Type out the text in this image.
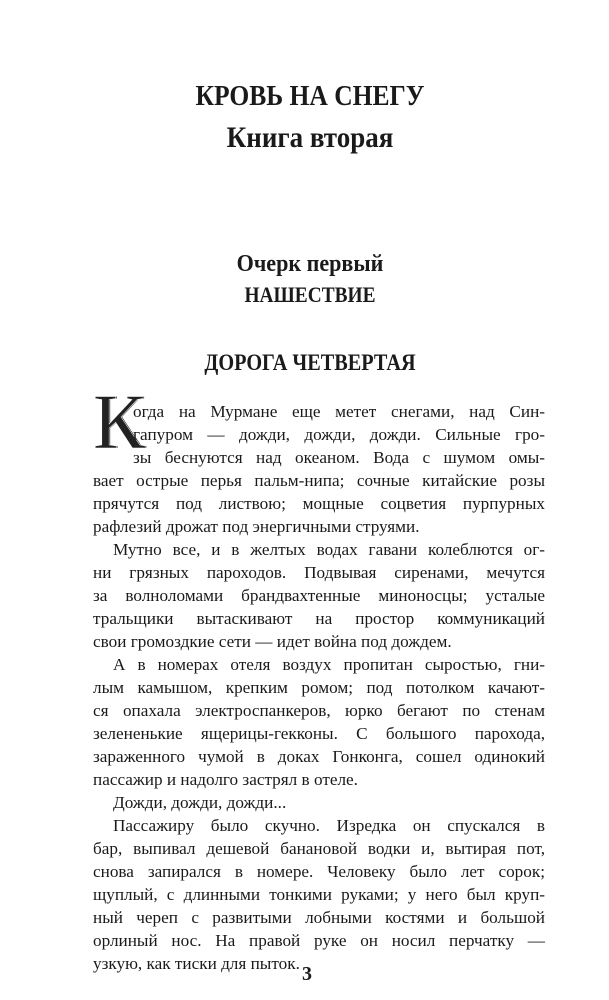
КРОВЬ НА СНЕГУ
Книга вторая
Очерк первый
НАШЕСТВИЕ
ДОРОГА ЧЕТВЕРТАЯ
К
огда на Мурмане еще метет снегами, над Син-
гапуром — дожди, дожди, дожди. Сильные гро-
зы беснуются над океаном. Вода с шумом омы-
вает острые перья пальм-нипа; сочные китайские розы
прячутся под листвою; мощные соцветия пурпурных
рафлезий дрожат под энергичными струями.
Мутно все, и в желтых водах гавани колеблются ог-
ни грязных пароходов. Подвывая сиренами, мечутся
за волноломами брандвахтенные миноносцы; усталые
тральщики вытаскивают на простор коммуникаций
свои громоздкие сети — идет война под дождем.
А в номерах отеля воздух пропитан сыростью, гни-
лым камышом, крепким ромом; под потолком качают-
ся опахала электроспанкеров, юрко бегают по стенам
зелененькие ящерицы-гекконы. С большого парохода,
зараженного чумой в доках Гонконга, сошел одинокий
пассажир и надолго застрял в отеле.
Дожди, дожди, дожди...
Пассажиру было скучно. Изредка он спускался в
бар, выпивал дешевой банановой водки и, вытирая пот,
снова запирался в номере. Человеку было лет сорок;
щуплый, с длинными тонкими руками; у него был круп-
ный череп с развитыми лобными костями и большой
орлиный нос. На правой руке он носил перчатку —
узкую, как тиски для пыток. 3
